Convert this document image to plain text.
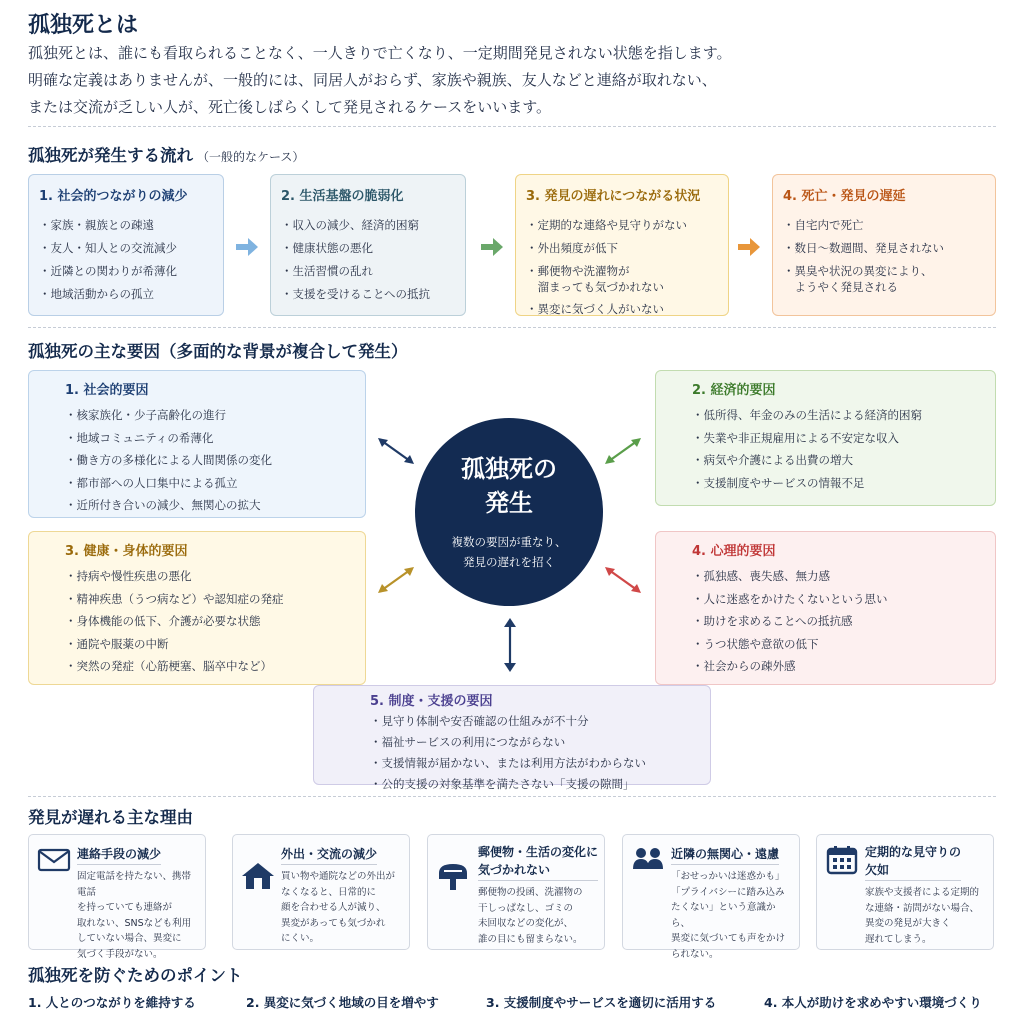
孤独死とは
孤独死とは、誰にも看取られることなく、一人きりで亡くなり、一定期間発見されない状態を指します。
明確な定義はありませんが、一般的には、同居人がおらず、家族や親族、友人などと連絡が取れない、
または交流が乏しい人が、死亡後しばらくして発見されるケースをいいます。
孤独死が発生する流れ （一般的なケース）
1. 社会的つながりの減少
・家族・親族との疎遠
・友人・知人との交流減少
・近隣との関わりが希薄化
・地域活動からの孤立
2. 生活基盤の脆弱化
・収入の減少、経済的困窮
・健康状態の悪化
・生活習慣の乱れ
・支援を受けることへの抵抗
3. 発見の遅れにつながる状況
・定期的な連絡や見守りがない
・外出頻度が低下
・郵便物や洗濯物が
　溜まっても気づかれない
・異変に気づく人がいない
4. 死亡・発見の遅延
・自宅内で死亡
・数日〜数週間、発見されない
・異臭や状況の異変により、
　ようやく発見される
孤独死の主な要因（多面的な背景が複合して発生）
1. 社会的要因
・核家族化・少子高齢化の進行
・地域コミュニティの希薄化
・働き方の多様化による人間関係の変化
・都市部への人口集中による孤立
・近所付き合いの減少、無関心の拡大
2. 経済的要因
・低所得、年金のみの生活による経済的困窮
・失業や非正規雇用による不安定な収入
・病気や介護による出費の増大
・支援制度やサービスの情報不足
3. 健康・身体的要因
・持病や慢性疾患の悪化
・精神疾患（うつ病など）や認知症の発症
・身体機能の低下、介護が必要な状態
・通院や服薬の中断
・突然の発症（心筋梗塞、脳卒中など）
4. 心理的要因
・孤独感、喪失感、無力感
・人に迷惑をかけたくないという思い
・助けを求めることへの抵抗感
・うつ状態や意欲の低下
・社会からの疎外感
5. 制度・支援の要因
・見守り体制や安否確認の仕組みが不十分
・福祉サービスの利用につながらない
・支援情報が届かない、または利用方法がわからない
・公的支援の対象基準を満たさない「支援の隙間」
孤独死の
発生
複数の要因が重なり、
発見の遅れを招く
発見が遅れる主な理由
連絡手段の減少
固定電話を持たない、携帯電話
を持っていても連絡が
取れない、SNSなども利用
していない場合、異変に
気づく手段がない。
外出・交流の減少
買い物や通院などの外出が
なくなると、日常的に
顔を合わせる人が減り、
異変があっても気づかれ
にくい。
郵便物・生活の変化に
気づかれない
郵便物の投函、洗濯物の
干しっぱなし、ゴミの
未回収などの変化が、
誰の目にも留まらない。
近隣の無関心・遠慮
「おせっかいは迷惑かも」
「プライバシーに踏み込み
たくない」という意識から、
異変に気づいても声をかけ
られない。
定期的な見守りの
欠如
家族や支援者による定期的
な連絡・訪問がない場合、
異変の発見が大きく
遅れてしまう。
孤独死を防ぐためのポイント
1. 人とのつながりを維持する	2. 異変に気づく地域の目を増やす	3. 支援制度やサービスを適切に活用する	4. 本人が助けを求めやすい環境づくり
